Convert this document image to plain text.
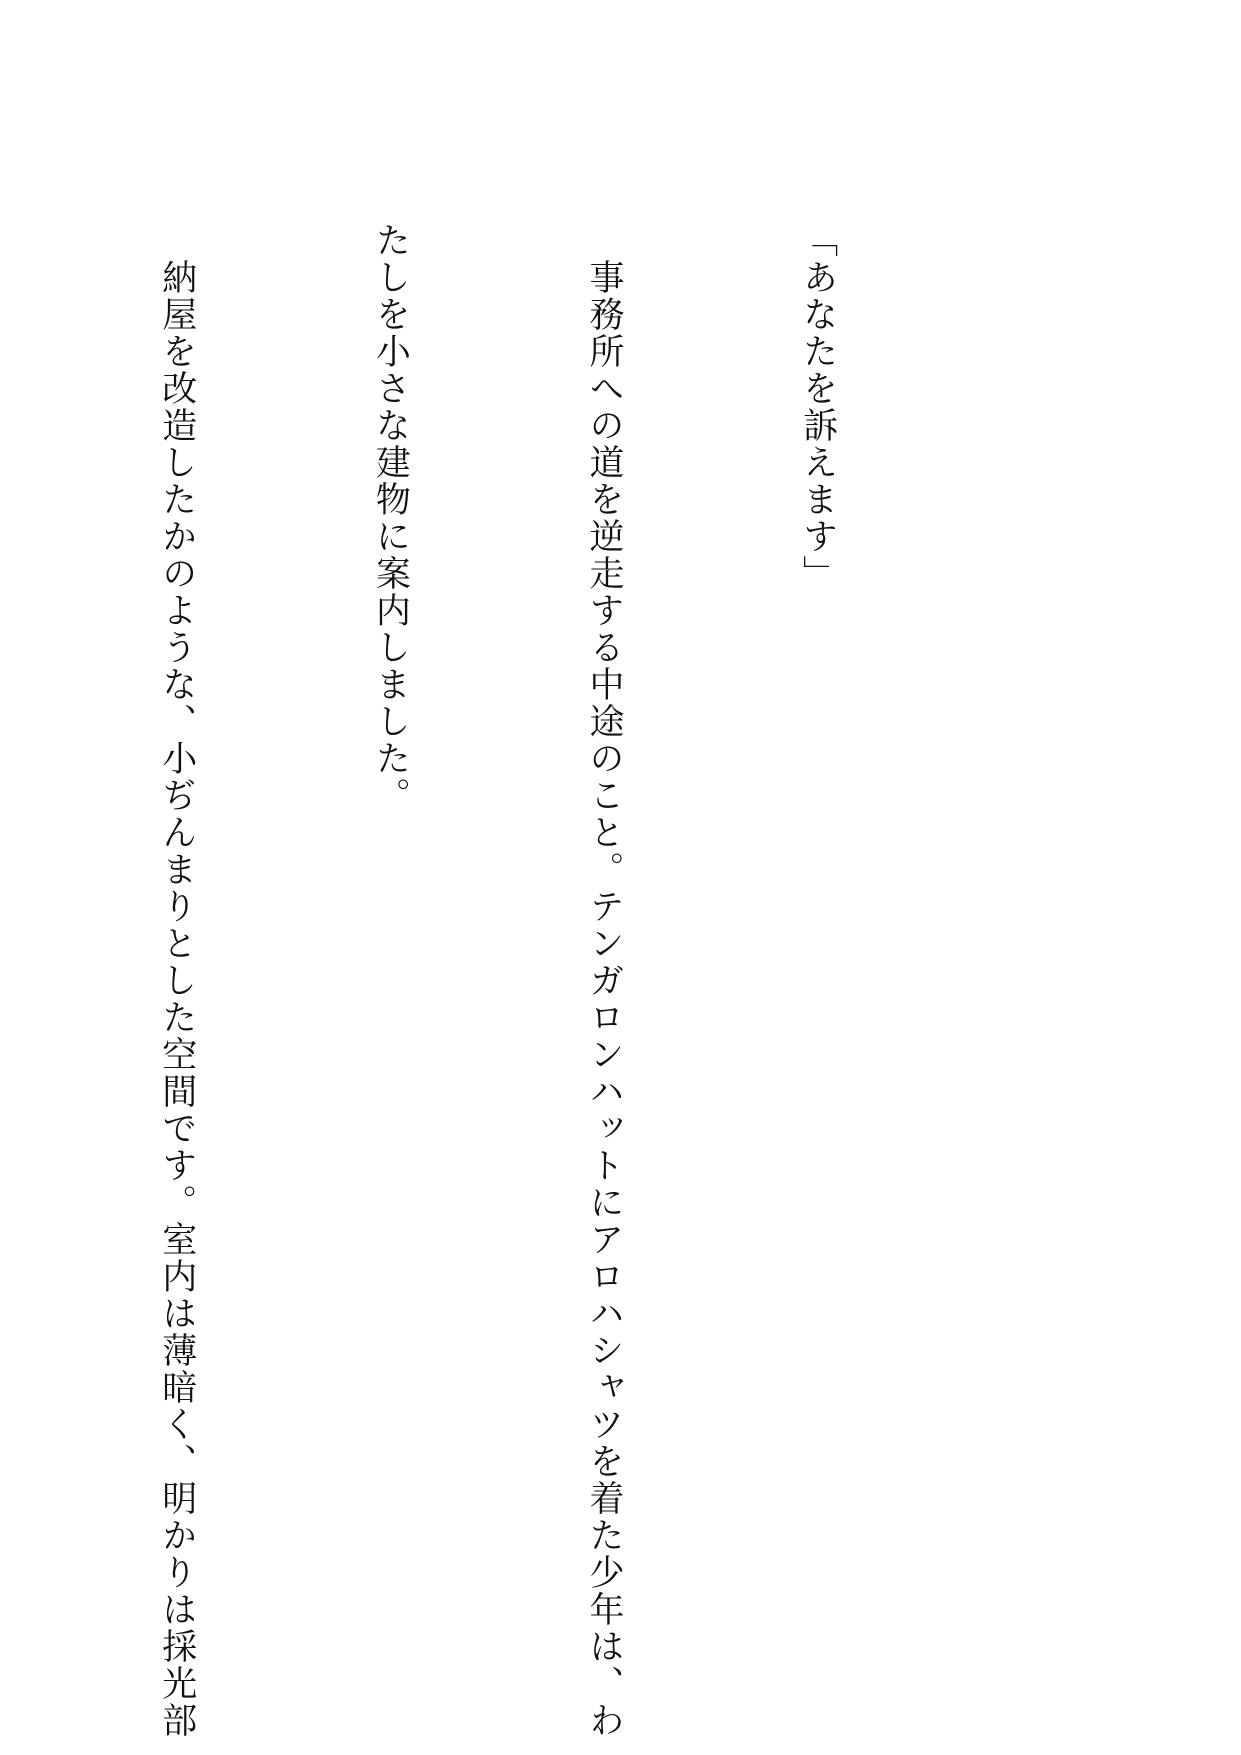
「あなたを訴えます」

　事務所への道を逆走する中途のこと。テンガロンハットにアロハシャツを着た少年は、わ

たしを小さな建物に案内しました。

　納屋を改造したかのような、小ぢんまりとした空間です。室内は薄暗く、明かりは採光部
